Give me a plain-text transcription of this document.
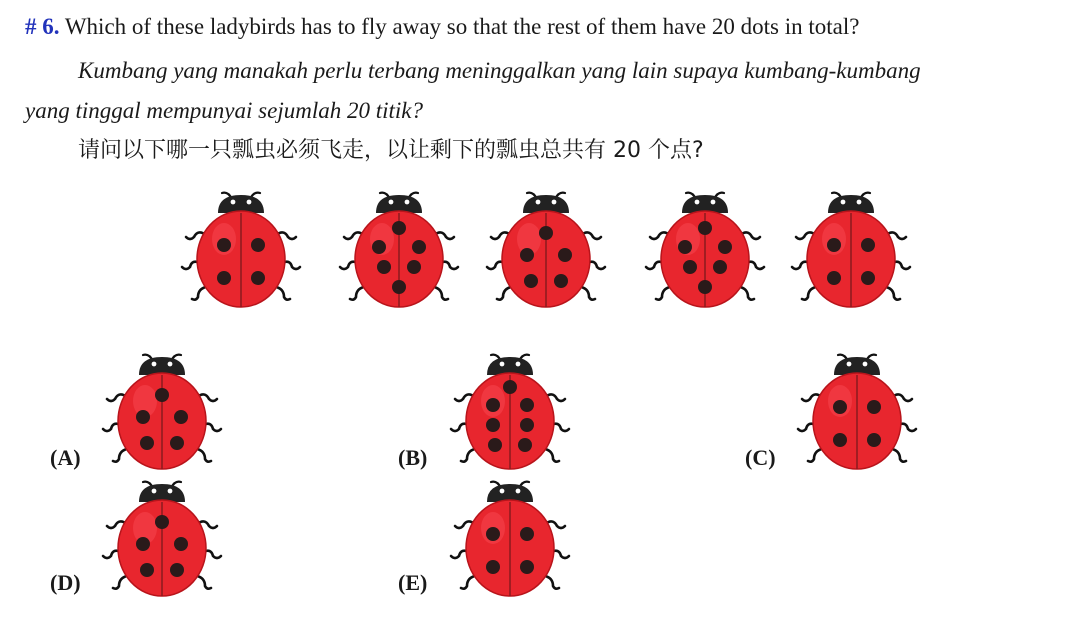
# 6. Which of these ladybirds has to fly away so that the rest of them have 20 dots in total?
Kumbang yang manakah perlu terbang meninggalkan yang lain supaya kumbang-kumbang
yang tinggal mempunyai sejumlah 20 titik?
请问以下哪一只瓢虫必须飞走，以让剩下的瓢虫总共有 20 个点?
(A)	(B)	(C)
(D)	(E)
